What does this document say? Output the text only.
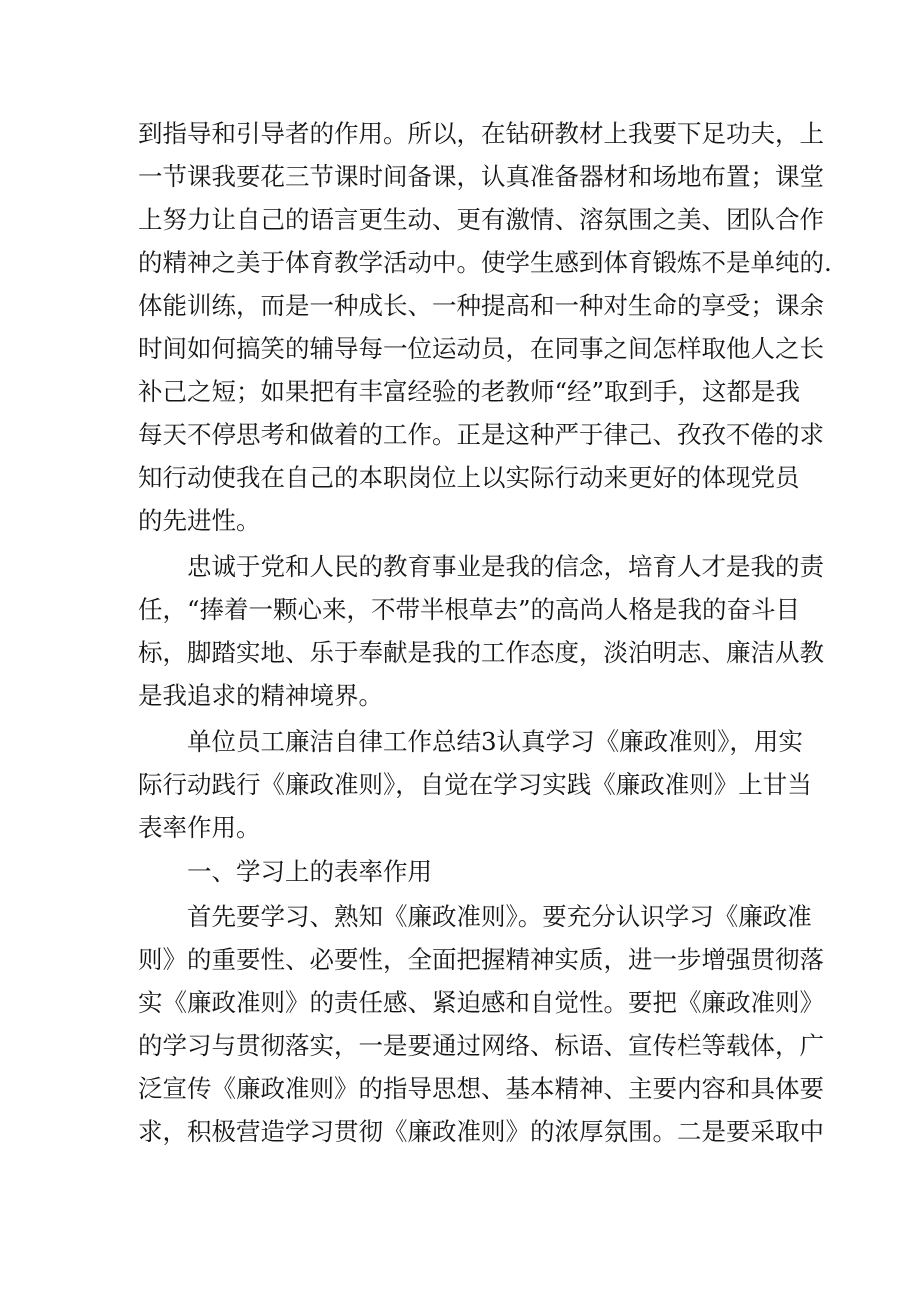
到指导和引导者的作用。所以，在钻研教材上我要下足功夫，上

一节课我要花三节课时间备课，认真准备器材和场地布置；课堂

上努力让自己的语言更生动、更有激情、溶氛围之美、团队合作

的精神之美于体育教学活动中。使学生感到体育锻炼不是单纯的.

体能训练，而是一种成长、一种提高和一种对生命的享受；课余

时间如何搞笑的辅导每一位运动员，在同事之间怎样取他人之长

补己之短；如果把有丰富经验的老教师“经”取到手，这都是我

每天不停思考和做着的工作。正是这种严于律己、孜孜不倦的求

知行动使我在自己的本职岗位上以实际行动来更好的体现党员

的先进性。

忠诚于党和人民的教育事业是我的信念，培育人才是我的责

任，“捧着一颗心来，不带半根草去”的高尚人格是我的奋斗目

标，脚踏实地、乐于奉献是我的工作态度，淡泊明志、廉洁从教

是我追求的精神境界。

单位员工廉洁自律工作总结3认真学习《廉政准则》，用实

际行动践行《廉政准则》，自觉在学习实践《廉政准则》上甘当

表率作用。

一、学习上的表率作用

首先要学习、熟知《廉政准则》。要充分认识学习《廉政准

则》的重要性、必要性，全面把握精神实质，进一步增强贯彻落

实《廉政准则》的责任感、紧迫感和自觉性。要把《廉政准则》

的学习与贯彻落实，一是要通过网络、标语、宣传栏等载体，广

泛宣传《廉政准则》的指导思想、基本精神、主要内容和具体要

求，积极营造学习贯彻《廉政准则》的浓厚氛围。二是要采取中
